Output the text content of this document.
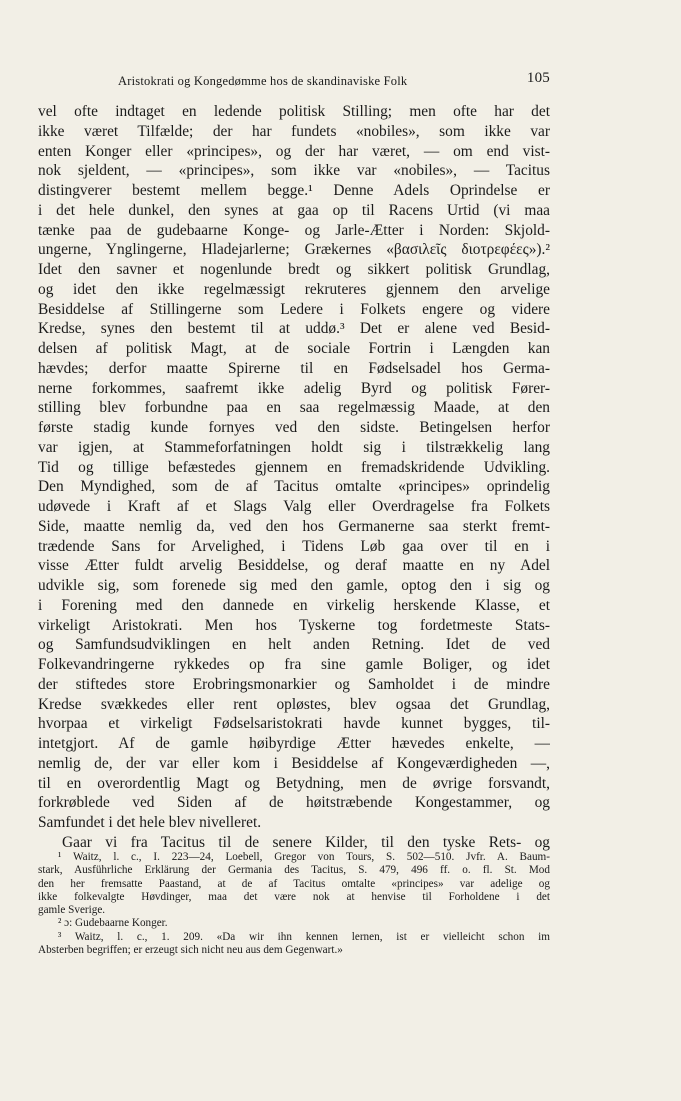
Aristokrati og Kongedømme hos de skandinaviske Folk	105
vel ofte indtaget en ledende politisk Stilling; men ofte har det
ikke været Tilfælde; der har fundets «nobiles», som ikke var
enten Konger eller «principes», og der har været, — om end vist-
nok sjeldent, — «principes», som ikke var «nobiles», — Tacitus
distingverer bestemt mellem begge.¹ Denne Adels Oprindelse er
i det hele dunkel, den synes at gaa op til Racens Urtid (vi maa
tænke paa de gudebaarne Konge- og Jarle-Ætter i Norden: Skjold-
ungerne, Ynglingerne, Hladejarlerne; Grækernes «βασιλεῖς διοτρεφέες»).²
Idet den savner et nogenlunde bredt og sikkert politisk Grundlag,
og idet den ikke regelmæssigt rekruteres gjennem den arvelige
Besiddelse af Stillingerne som Ledere i Folkets engere og videre
Kredse, synes den bestemt til at uddø.³ Det er alene ved Besid-
delsen af politisk Magt, at de sociale Fortrin i Længden kan
hævdes; derfor maatte Spirerne til en Fødselsadel hos Germa-
nerne forkommes, saafremt ikke adelig Byrd og politisk Fører-
stilling blev forbundne paa en saa regelmæssig Maade, at den
første stadig kunde fornyes ved den sidste. Betingelsen herfor
var igjen, at Stammeforfatningen holdt sig i tilstrækkelig lang
Tid og tillige befæstedes gjennem en fremadskridende Udvikling.
Den Myndighed, som de af Tacitus omtalte «principes» oprindelig
udøvede i Kraft af et Slags Valg eller Overdragelse fra Folkets
Side, maatte nemlig da, ved den hos Germanerne saa sterkt fremt-
trædende Sans for Arvelighed, i Tidens Løb gaa over til en i
visse Ætter fuldt arvelig Besiddelse, og deraf maatte en ny Adel
udvikle sig, som forenede sig med den gamle, optog den i sig og
i Forening med den dannede en virkelig herskende Klasse, et
virkeligt Aristokrati. Men hos Tyskerne tog fordetmeste Stats-
og Samfundsudviklingen en helt anden Retning. Idet de ved
Folkevandringerne rykkedes op fra sine gamle Boliger, og idet
der stiftedes store Erobringsmonarkier og Samholdet i de mindre
Kredse svækkedes eller rent opløstes, blev ogsaa det Grundlag,
hvorpaa et virkeligt Fødselsaristokrati havde kunnet bygges, til-
intetgjort. Af de gamle høibyrdige Ætter hævedes enkelte, —
nemlig de, der var eller kom i Besiddelse af Kongeværdigheden —,
til en overordentlig Magt og Betydning, men de øvrige forsvandt,
forkrøblede ved Siden af de høitstræbende Kongestammer, og
Samfundet i det hele blev nivelleret.
Gaar vi fra Tacitus til de senere Kilder, til den tyske Rets- og
¹ Waitz, l. c., I. 223—24, Loebell, Gregor von Tours, S. 502—510. Jvfr. A. Baum-
stark, Ausführliche Erklärung der Germania des Tacitus, S. 479, 496 ff. o. fl. St. Mod
den her fremsatte Paastand, at de af Tacitus omtalte «principes» var adelige og
ikke folkevalgte Høvdinger, maa det være nok at henvise til Forholdene i det
gamle Sverige.
² ɔ: Gudebaarne Konger.
³ Waitz, l. c., 1. 209. «Da wir ihn kennen lernen, ist er vielleicht schon im
Absterben begriffen; er erzeugt sich nicht neu aus dem Gegenwart.»
